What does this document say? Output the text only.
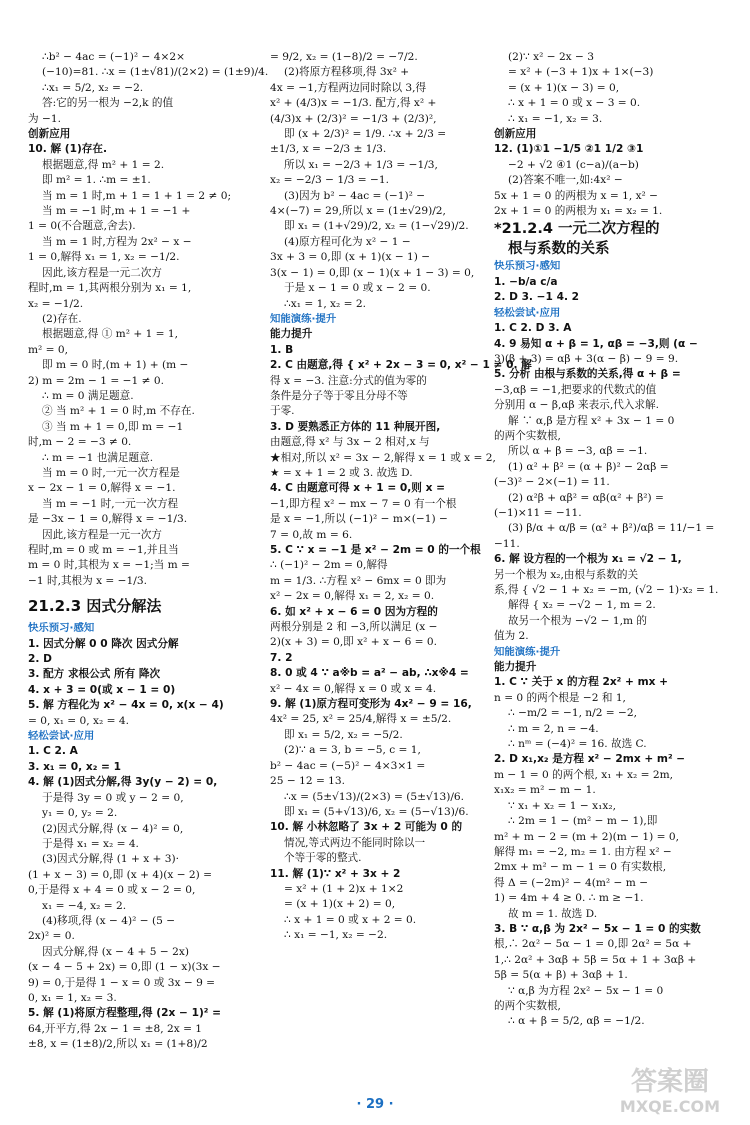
∴b² − 4ac = (−1)² − 4×2×

(−10)=81. ∴x = (1±√81)/(2×2) = (1±9)/4.

∴x₁ = 5/2, x₂ = −2.

答:它的另一根为 −2,k 的值

为 −1.

创新应用

10. 解 (1)存在.

根据题意,得 m² + 1 = 2.

即 m² = 1. ∴m = ±1.

当 m = 1 时,m + 1 = 1 + 1 = 2 ≠ 0;

当 m = −1 时,m + 1 = −1 +

1 = 0(不合题意,舍去).

当 m = 1 时,方程为 2x² − x −

1 = 0,解得 x₁ = 1, x₂ = −1/2.

因此,该方程是一元二次方

程时,m = 1,其两根分别为 x₁ = 1,

x₂ = −1/2.

(2)存在.

根据题意,得 ① m² + 1 = 1,

m² = 0,

即 m = 0 时,(m + 1) + (m −

2) m = 2m − 1 = −1 ≠ 0.

∴ m = 0 满足题意.

② 当 m² + 1 = 0 时,m 不存在.

③ 当 m + 1 = 0,即 m = −1

时,m − 2 = −3 ≠ 0.

∴ m = −1 也满足题意.

当 m = 0 时,一元一次方程是

x − 2x − 1 = 0,解得 x = −1.

当 m = −1 时,一元一次方程

是 −3x − 1 = 0,解得 x = −1/3.

因此,该方程是一元一次方

程时,m = 0 或 m = −1,并且当

m = 0 时,其根为 x = −1;当 m =

−1 时,其根为 x = −1/3.

21.2.3 因式分解法

快乐预习·感知

1. 因式分解 0 0 降次 因式分解

2. D

3. 配方 求根公式 所有 降次

4. x + 3 = 0(或 x − 1 = 0)

5. 解 方程化为 x² − 4x = 0, x(x − 4)

= 0, x₁ = 0, x₂ = 4.

轻松尝试·应用

1. C 2. A

3. x₁ = 0, x₂ = 1

4. 解 (1)因式分解,得 3y(y − 2) = 0,

于是得 3y = 0 或 y − 2 = 0,

y₁ = 0, y₂ = 2.

(2)因式分解,得 (x − 4)² = 0,

于是得 x₁ = x₂ = 4.

(3)因式分解,得 (1 + x + 3)·

(1 + x − 3) = 0,即 (x + 4)(x − 2) =

0,于是得 x + 4 = 0 或 x − 2 = 0,

x₁ = −4, x₂ = 2.

(4)移项,得 (x − 4)² − (5 −

2x)² = 0.

因式分解,得 (x − 4 + 5 − 2x)

(x − 4 − 5 + 2x) = 0,即 (1 − x)(3x −

9) = 0,于是得 1 − x = 0 或 3x − 9 =

0, x₁ = 1, x₂ = 3.

5. 解 (1)将原方程整理,得 (2x − 1)² =

64,开平方,得 2x − 1 = ±8, 2x = 1

±8, x = (1±8)/2,所以 x₁ = (1+8)/2

= 9/2, x₂ = (1−8)/2 = −7/2.

(2)将原方程移项,得 3x² +

4x = −1,方程两边同时除以 3,得

x² + (4/3)x = −1/3. 配方,得 x² +

(4/3)x + (2/3)² = −1/3 + (2/3)²,

即 (x + 2/3)² = 1/9. ∴x + 2/3 =

±1/3, x = −2/3 ± 1/3.

所以 x₁ = −2/3 + 1/3 = −1/3,

x₂ = −2/3 − 1/3 = −1.

(3)因为 b² − 4ac = (−1)² −

4×(−7) = 29,所以 x = (1±√29)/2,

即 x₁ = (1+√29)/2, x₂ = (1−√29)/2.

(4)原方程可化为 x² − 1 −

3x + 3 = 0,即 (x + 1)(x − 1) −

3(x − 1) = 0,即 (x − 1)(x + 1 − 3) = 0,

于是 x − 1 = 0 或 x − 2 = 0.

∴x₁ = 1, x₂ = 2.

知能演练·提升

能力提升

1. B

2. C 由题意,得 { x² + 2x − 3 = 0, x² − 1 ≠ 0. 解

得 x = −3. 注意:分式的值为零的

条件是分子等于零且分母不等

于零.

3. D 要熟悉正方体的 11 种展开图,

由题意,得 x² 与 3x − 2 相对,x 与

★相对,所以 x² = 3x − 2,解得 x = 1 或 x = 2,

★ = x + 1 = 2 或 3. 故选 D.

4. C 由题意可得 x + 1 = 0,则 x =

−1,即方程 x² − mx − 7 = 0 有一个根

是 x = −1,所以 (−1)² − m×(−1) −

7 = 0,故 m = 6.

5. C ∵ x = −1 是 x² − 2m = 0 的一个根

∴ (−1)² − 2m = 0,解得

m = 1/3. ∴方程 x² − 6mx = 0 即为

x² − 2x = 0,解得 x₁ = 2, x₂ = 0.

6. 如 x² + x − 6 = 0 因为方程的

两根分别是 2 和 −3,所以满足 (x −

2)(x + 3) = 0,即 x² + x − 6 = 0.

7. 2

8. 0 或 4 ∵ a※b = a² − ab, ∴x※4 =

x² − 4x = 0,解得 x = 0 或 x = 4.

9. 解 (1)原方程可变形为 4x² − 9 = 16,

4x² = 25, x² = 25/4,解得 x = ±5/2.

即 x₁ = 5/2, x₂ = −5/2.

(2)∵ a = 3, b = −5, c = 1,

b² − 4ac = (−5)² − 4×3×1 =

25 − 12 = 13.

∴x = (5±√13)/(2×3) = (5±√13)/6.

即 x₁ = (5+√13)/6, x₂ = (5−√13)/6.

10. 解 小林忽略了 3x + 2 可能为 0 的

情况,等式两边不能同时除以一

个等于零的整式.

11. 解 (1)∵ x² + 3x + 2

= x² + (1 + 2)x + 1×2

= (x + 1)(x + 2) = 0,

∴ x + 1 = 0 或 x + 2 = 0.

∴ x₁ = −1, x₂ = −2.

(2)∵ x² − 2x − 3

= x² + (−3 + 1)x + 1×(−3)

= (x + 1)(x − 3) = 0,

∴ x + 1 = 0 或 x − 3 = 0.

∴ x₁ = −1, x₂ = 3.

创新应用

12. (1)①1 −1/5 ②1 1/2 ③1

−2 + √2 ④1 (c−a)/(a−b)

(2)答案不唯一,如:4x² −

5x + 1 = 0 的两根为 x = 1, x² −

2x + 1 = 0 的两根为 x₁ = x₂ = 1.

*21.2.4 一元二次方程的

根与系数的关系

快乐预习·感知

1. −b/a c/a

2. D 3. −1 4. 2

轻松尝试·应用

1. C 2. D 3. A

4. 9 易知 α + β = 1, αβ = −3,则 (α −

3)(β + 3) = αβ + 3(α − β) − 9 = 9.

5. 分析 由根与系数的关系,得 α + β =

−3,αβ = −1,把要求的代数式的值

分别用 α − β,αβ 来表示,代入求解.

解 ∵ α,β 是方程 x² + 3x − 1 = 0

的两个实数根,

所以 α + β = −3, αβ = −1.

(1) α² + β² = (α + β)² − 2αβ =

(−3)² − 2×(−1) = 11.

(2) α²β + αβ² = αβ(α² + β²) =

(−1)×11 = −11.

(3) β/α + α/β = (α² + β²)/αβ = 11/−1 =

−11.

6. 解 设方程的一个根为 x₁ = √2 − 1,

另一个根为 x₂,由根与系数的关

系,得 { √2 − 1 + x₂ = −m, (√2 − 1)·x₂ = 1.

解得 { x₂ = −√2 − 1, m = 2.

故另一个根为 −√2 − 1,m 的

值为 2.

知能演练·提升

能力提升

1. C ∵ 关于 x 的方程 2x² + mx +

n = 0 的两个根是 −2 和 1,

∴ −m/2 = −1, n/2 = −2,

∴ m = 2, n = −4.

∴ nᵐ = (−4)² = 16. 故选 C.

2. D x₁,x₂ 是方程 x² − 2mx + m² −

m − 1 = 0 的两个根, x₁ + x₂ = 2m,

x₁x₂ = m² − m − 1.

∵ x₁ + x₂ = 1 − x₁x₂,

∴ 2m = 1 − (m² − m − 1),即

m² + m − 2 = (m + 2)(m − 1) = 0,

解得 m₁ = −2, m₂ = 1. 由方程 x² −

2mx + m² − m − 1 = 0 有实数根,

得 Δ = (−2m)² − 4(m² − m −

1) = 4m + 4 ≥ 0. ∴ m ≥ −1.

故 m = 1. 故选 D.

3. B ∵ α,β 为 2x² − 5x − 1 = 0 的实数

根,∴ 2α² − 5α − 1 = 0,即 2α² = 5α +

1,∴ 2α² + 3αβ + 5β = 5α + 1 + 3αβ +

5β = 5(α + β) + 3αβ + 1.

∵ α,β 为方程 2x² − 5x − 1 = 0

的两个实数根,

∴ α + β = 5/2, αβ = −1/2.

· 29 ·
答案圈
MXQE.COM
